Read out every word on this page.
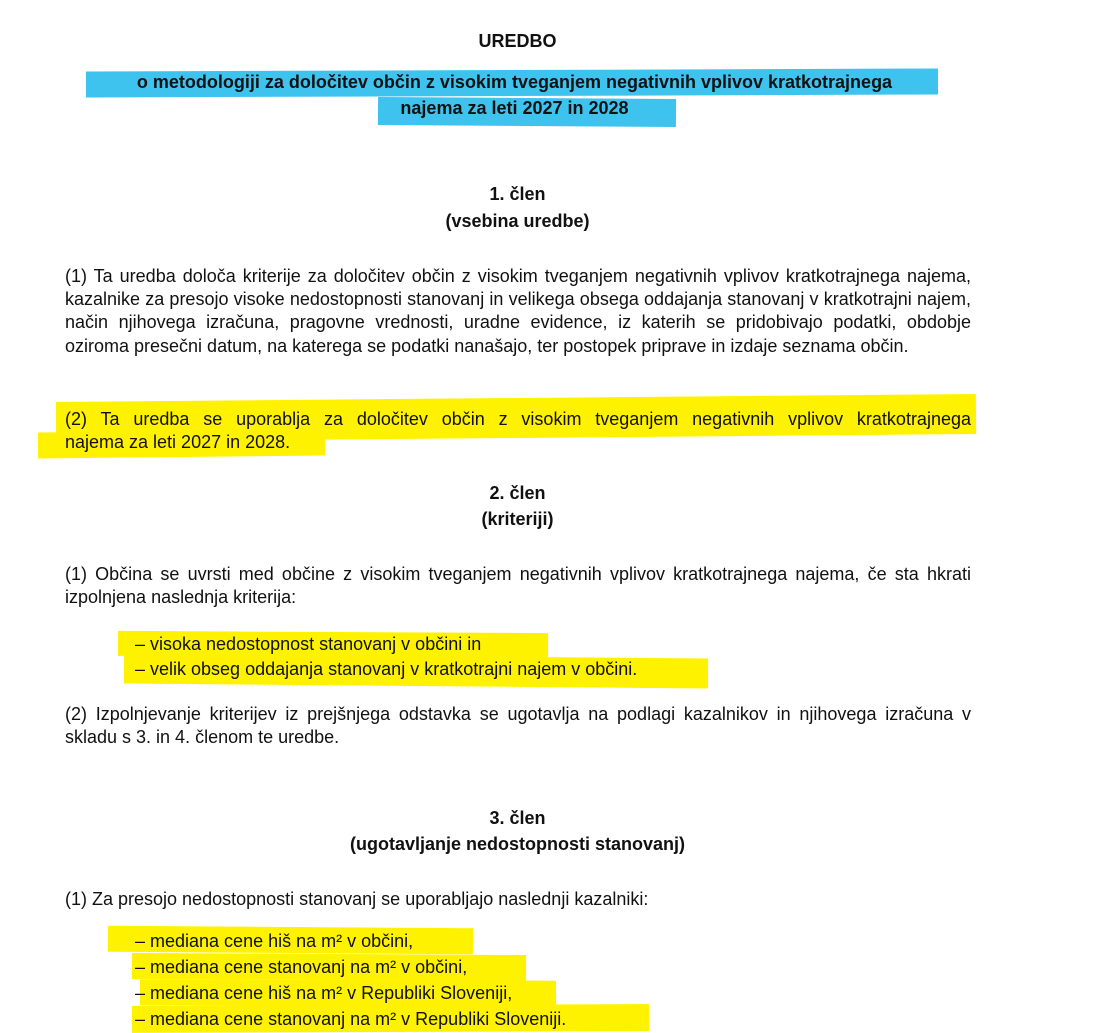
UREDBO
o metodologiji za določitev občin z visokim tveganjem negativnih vplivov kratkotrajnega
najema za leti 2027 in 2028
1. člen
(vsebina uredbe)
(1) Ta uredba določa kriterije za določitev občin z visokim tveganjem negativnih vplivov kratkotrajnega najema, kazalnike za presojo visoke nedostopnosti stanovanj in velikega obsega oddajanja stanovanj v kratkotrajni najem, način njihovega izračuna, pragovne vrednosti, uradne evidence, iz katerih se pridobivajo podatki, obdobje oziroma presečni datum, na katerega se podatki nanašajo, ter postopek priprave in izdaje seznama občin.
(2) Ta uredba se uporablja za določitev občin z visokim tveganjem negativnih vplivov kratkotrajnega
najema za leti 2027 in 2028.
2. člen
(kriteriji)
(1) Občina se uvrsti med občine z visokim tveganjem negativnih vplivov kratkotrajnega najema, če sta hkrati izpolnjena naslednja kriterija:
– visoka nedostopnost stanovanj v občini in
– velik obseg oddajanja stanovanj v kratkotrajni najem v občini.
(2) Izpolnjevanje kriterijev iz prejšnjega odstavka se ugotavlja na podlagi kazalnikov in njihovega izračuna v skladu s 3. in 4. členom te uredbe.
3. člen
(ugotavljanje nedostopnosti stanovanj)
(1) Za presojo nedostopnosti stanovanj se uporabljajo naslednji kazalniki:
– mediana cene hiš na m² v občini,
– mediana cene stanovanj na m² v občini,
– mediana cene hiš na m² v Republiki Sloveniji,
– mediana cene stanovanj na m² v Republiki Sloveniji.
